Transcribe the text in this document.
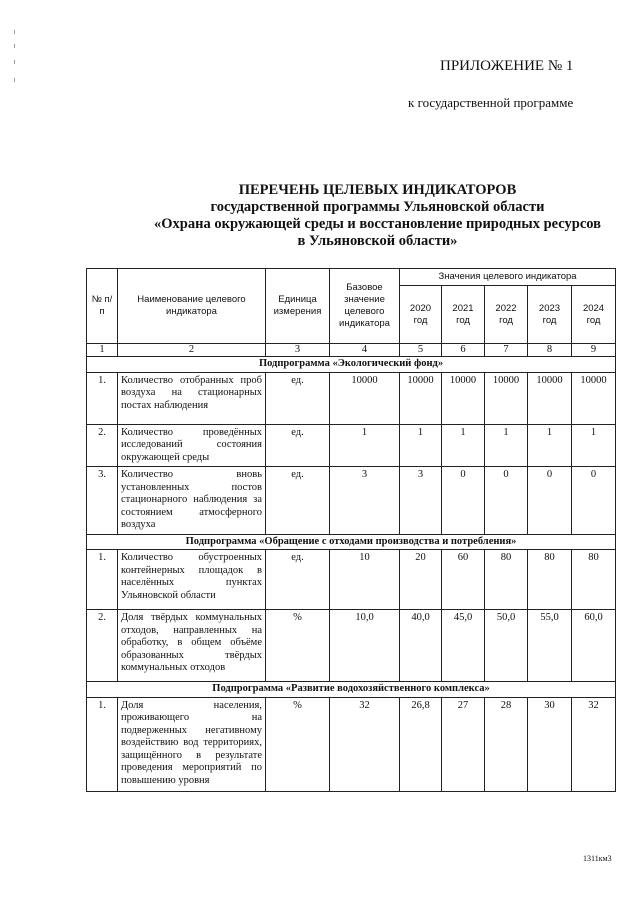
ПРИЛОЖЕНИЕ № 1
к государственной программе
ПЕРЕЧЕНЬ ЦЕЛЕВЫХ ИНДИКАТОРОВ
государственной программы Ульяновской области
«Охрана окружающей среды и восстановление природных ресурсов
в Ульяновской области»
№ п/п	Наименование целевого индикатора	Единица измерения	Базовое значение целевого индикатора	Значения целевого индикатора				
				2020 год	2021 год	2022 год	2023 год	2024 год
1	2	3	4	5	6	7	8	9
Подпрограмма «Экологический фонд»								
1.	Количество отобранных проб воздуха на стационарных постах наблюдения	ед.	10000	10000	10000	10000	10000	10000
2.	Количество проведённых исследований состояния окружающей среды	ед.	1	1	1	1	1	1
3.	Количество вновь установленных постов стационарного наблюдения за состоянием атмосферного воздуха	ед.	3	3	0	0	0	0
Подпрограмма «Обращение с отходами производства и потребления»								
1.	Количество обустроенных контейнерных площадок в населённых пунктах Ульяновской области	ед.	10	20	60	80	80	80
2.	Доля твёрдых коммунальных отходов, направленных на обработку, в общем объёме образованных твёрдых коммунальных отходов	%	10,0	40,0	45,0	50,0	55,0	60,0
Подпрограмма «Развитие водохозяйственного комплекса»								
1.	Доля населения, проживающего на подверженных негативному воздействию вод территориях, защищённого в результате проведения мероприятий по повышению уровня	%	32	26,8	27	28	30	32
1311км3
